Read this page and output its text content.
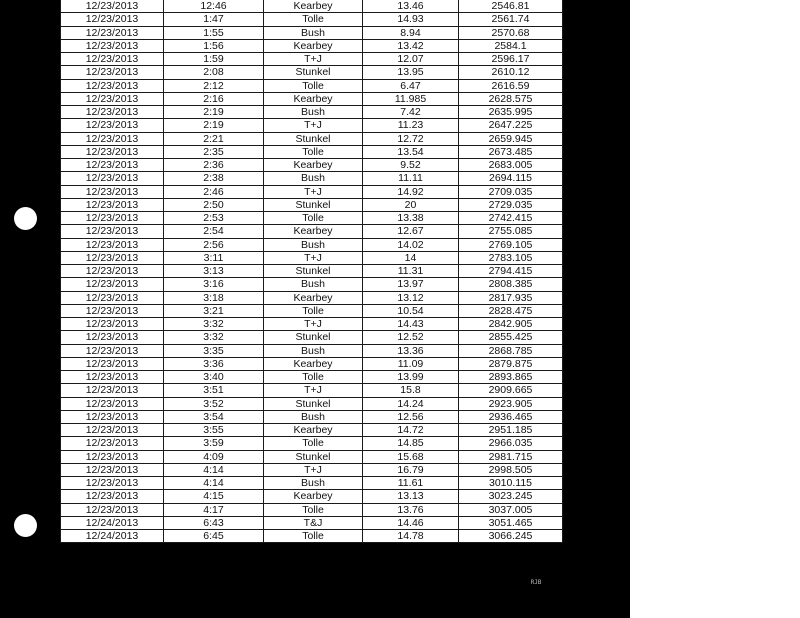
12/23/2013	12:46	Kearbey	13.46	2546.81
12/23/2013	1:47	Tolle	14.93	2561.74
12/23/2013	1:55	Bush	8.94	2570.68
12/23/2013	1:56	Kearbey	13.42	2584.1
12/23/2013	1:59	T+J	12.07	2596.17
12/23/2013	2:08	Stunkel	13.95	2610.12
12/23/2013	2:12	Tolle	6.47	2616.59
12/23/2013	2:16	Kearbey	11.985	2628.575
12/23/2013	2:19	Bush	7.42	2635.995
12/23/2013	2:19	T+J	11.23	2647.225
12/23/2013	2:21	Stunkel	12.72	2659.945
12/23/2013	2:35	Tolle	13.54	2673.485
12/23/2013	2:36	Kearbey	9.52	2683.005
12/23/2013	2:38	Bush	11.11	2694.115
12/23/2013	2:46	T+J	14.92	2709.035
12/23/2013	2:50	Stunkel	20	2729.035
12/23/2013	2:53	Tolle	13.38	2742.415
12/23/2013	2:54	Kearbey	12.67	2755.085
12/23/2013	2:56	Bush	14.02	2769.105
12/23/2013	3:11	T+J	14	2783.105
12/23/2013	3:13	Stunkel	11.31	2794.415
12/23/2013	3:16	Bush	13.97	2808.385
12/23/2013	3:18	Kearbey	13.12	2817.935
12/23/2013	3:21	Tolle	10.54	2828.475
12/23/2013	3:32	T+J	14.43	2842.905
12/23/2013	3:32	Stunkel	12.52	2855.425
12/23/2013	3:35	Bush	13.36	2868.785
12/23/2013	3:36	Kearbey	11.09	2879.875
12/23/2013	3:40	Tolle	13.99	2893.865
12/23/2013	3:51	T+J	15.8	2909.665
12/23/2013	3:52	Stunkel	14.24	2923.905
12/23/2013	3:54	Bush	12.56	2936.465
12/23/2013	3:55	Kearbey	14.72	2951.185
12/23/2013	3:59	Tolle	14.85	2966.035
12/23/2013	4:09	Stunkel	15.68	2981.715
12/23/2013	4:14	T+J	16.79	2998.505
12/23/2013	4:14	Bush	11.61	3010.115
12/23/2013	4:15	Kearbey	13.13	3023.245
12/23/2013	4:17	Tolle	13.76	3037.005
12/24/2013	6:43	T&J	14.46	3051.465
12/24/2013	6:45	Tolle	14.78	3066.245
RJB
